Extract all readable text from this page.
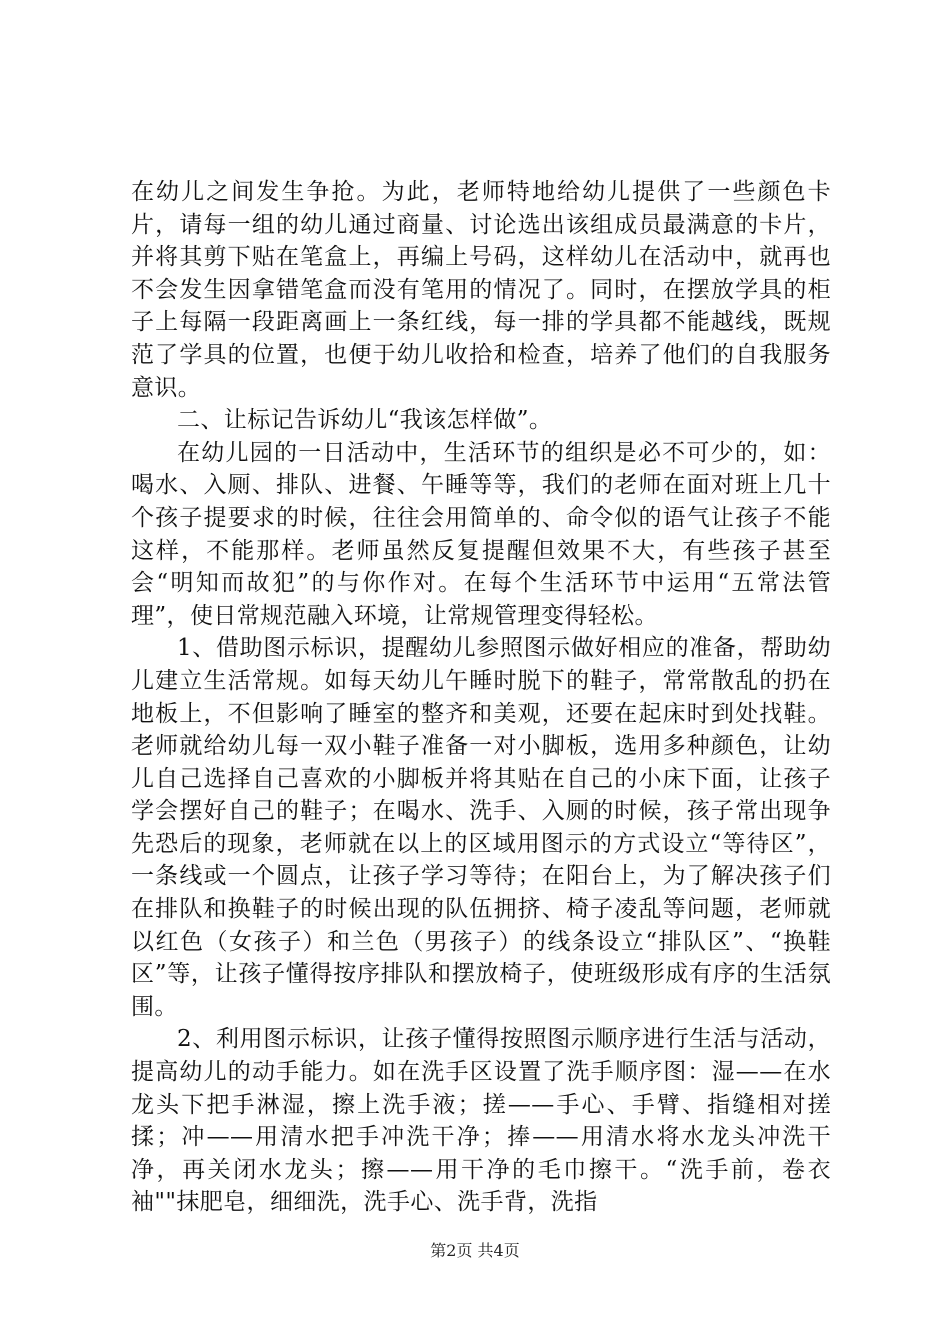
在幼儿之间发生争抢。为此，老师特地给幼儿提供了一些颜色卡片，请每一组的幼儿通过商量、讨论选出该组成员最满意的卡片，并将其剪下贴在笔盒上，再编上号码，这样幼儿在活动中，就再也不会发生因拿错笔盒而没有笔用的情况了。同时，在摆放学具的柜子上每隔一段距离画上一条红线，每一排的学具都不能越线，既规范了学具的位置，也便于幼儿收拾和检查，培养了他们的自我服务意识。

二、让标记告诉幼儿“我该怎样做”。

在幼儿园的一日活动中，生活环节的组织是必不可少的，如：喝水、入厕、排队、进餐、午睡等等，我们的老师在面对班上几十个孩子提要求的时候，往往会用简单的、命令似的语气让孩子不能这样，不能那样。老师虽然反复提醒但效果不大，有些孩子甚至会“明知而故犯”的与你作对。在每个生活环节中运用“五常法管理”，使日常规范融入环境，让常规管理变得轻松。

1、借助图示标识，提醒幼儿参照图示做好相应的准备，帮助幼儿建立生活常规。如每天幼儿午睡时脱下的鞋子，常常散乱的扔在地板上，不但影响了睡室的整齐和美观，还要在起床时到处找鞋。老师就给幼儿每一双小鞋子准备一对小脚板，选用多种颜色，让幼儿自己选择自己喜欢的小脚板并将其贴在自己的小床下面，让孩子学会摆好自己的鞋子；在喝水、洗手、入厕的时候，孩子常出现争先恐后的现象，老师就在以上的区域用图示的方式设立“等待区”，一条线或一个圆点，让孩子学习等待；在阳台上，为了解决孩子们在排队和换鞋子的时候出现的队伍拥挤、椅子凌乱等问题，老师就以红色（女孩子）和兰色（男孩子）的线条设立“排队区”、“换鞋区”等，让孩子懂得按序排队和摆放椅子，使班级形成有序的生活氛围。

2、利用图示标识，让孩子懂得按照图示顺序进行生活与活动，提高幼儿的动手能力。如在洗手区设置了洗手顺序图：湿——在水龙头下把手淋湿，擦上洗手液；搓——手心、手臂、指缝相对搓揉；冲——用清水把手冲洗干净；捧——用清水将水龙头冲洗干净，再关闭水龙头；擦——用干净的毛巾擦干。“洗手前，卷衣袖""抹肥皂，细细洗，洗手心、洗手背，洗指

第2页 共4页
